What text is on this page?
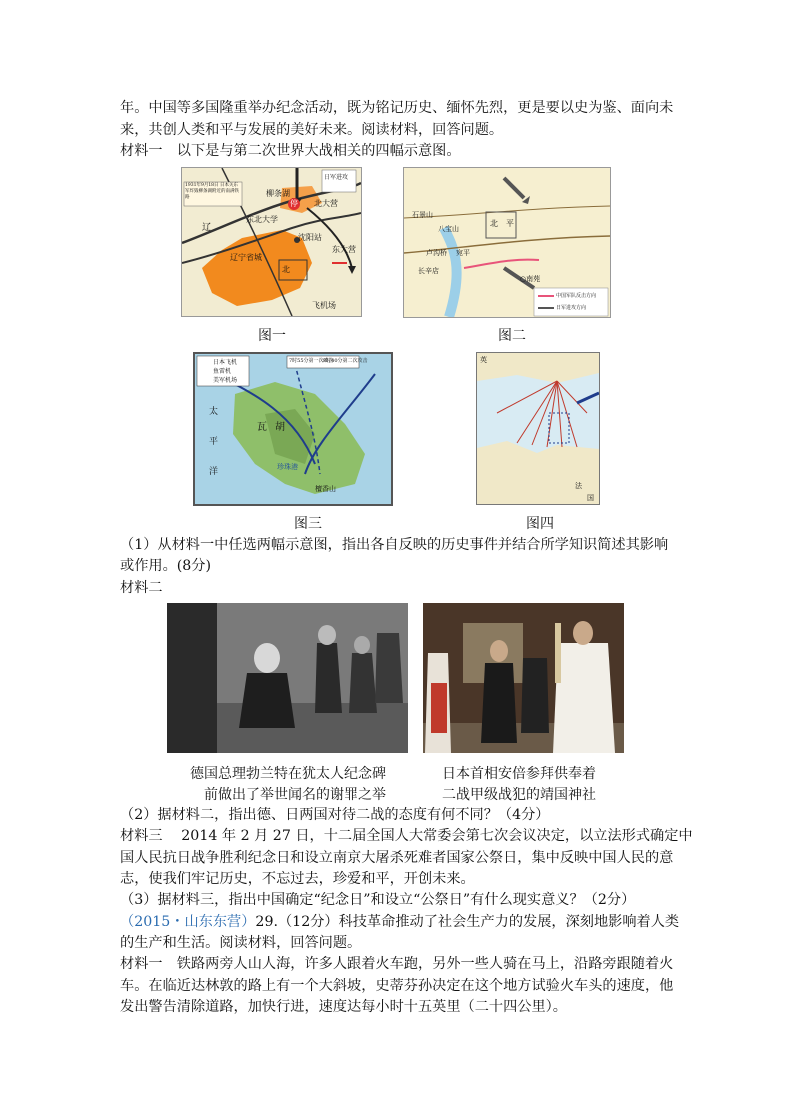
年。中国等多国隆重举办纪念活动，既为铭记历史、缅怀先烈，更是要以史为鉴、面向未
来，共创人类和平与发展的美好未来。阅读材料，回答问题。
材料一　以下是与第二次世界大战相关的四幅示意图。
柳条湖
北大营
东北大学
沈阳站
东大营
辽宁省城
飞机场
1931年9月18日 日本关东军炸毁柳条湖附近的南满铁路
日军进攻
停
辽
北
北　平
石景山
八宝山
卢沟桥 宛平
长辛店
○南苑
中国军队反击方向
日军进攻方向
图一	图二
日本飞机
鱼雷机
美军机场
7时55分第一次攻击
8时40分第二次攻击
太
平
洋
瓦 胡
珍珠港
檀香山
英
法
国
图三	图四
（1）从材料一中任选两幅示意图，指出各自反映的历史事件并结合所学知识简述其影响
或作用。(8分)
材料二
德国总理勃兰特在犹太人纪念碑
前做出了举世闻名的谢罪之举
日本首相安倍参拜供奉着
二战甲级战犯的靖国神社
（2）据材料二，指出德、日两国对待二战的态度有何不同？（4分）
材料三　 2014 年 2 月 27 日，十二届全国人大常委会第七次会议决定，以立法形式确定中
国人民抗日战争胜利纪念日和设立南京大屠杀死难者国家公祭日，集中反映中国人民的意
志，使我们牢记历史，不忘过去，珍爱和平，开创未来。
（3）据材料三，指出中国确定“纪念日”和设立“公祭日”有什么现实意义？（2分）
（2015・山东东营）29.（12分）科技革命推动了社会生产力的发展，深刻地影响着人类
的生产和生活。阅读材料，回答问题。
材料一　铁路两旁人山人海，许多人跟着火车跑，另外一些人骑在马上，沿路旁跟随着火
车。在临近达林敦的路上有一个大斜坡，史蒂芬孙决定在这个地方试验火车头的速度，他
发出警告清除道路，加快行进，速度达每小时十五英里（二十四公里）。
